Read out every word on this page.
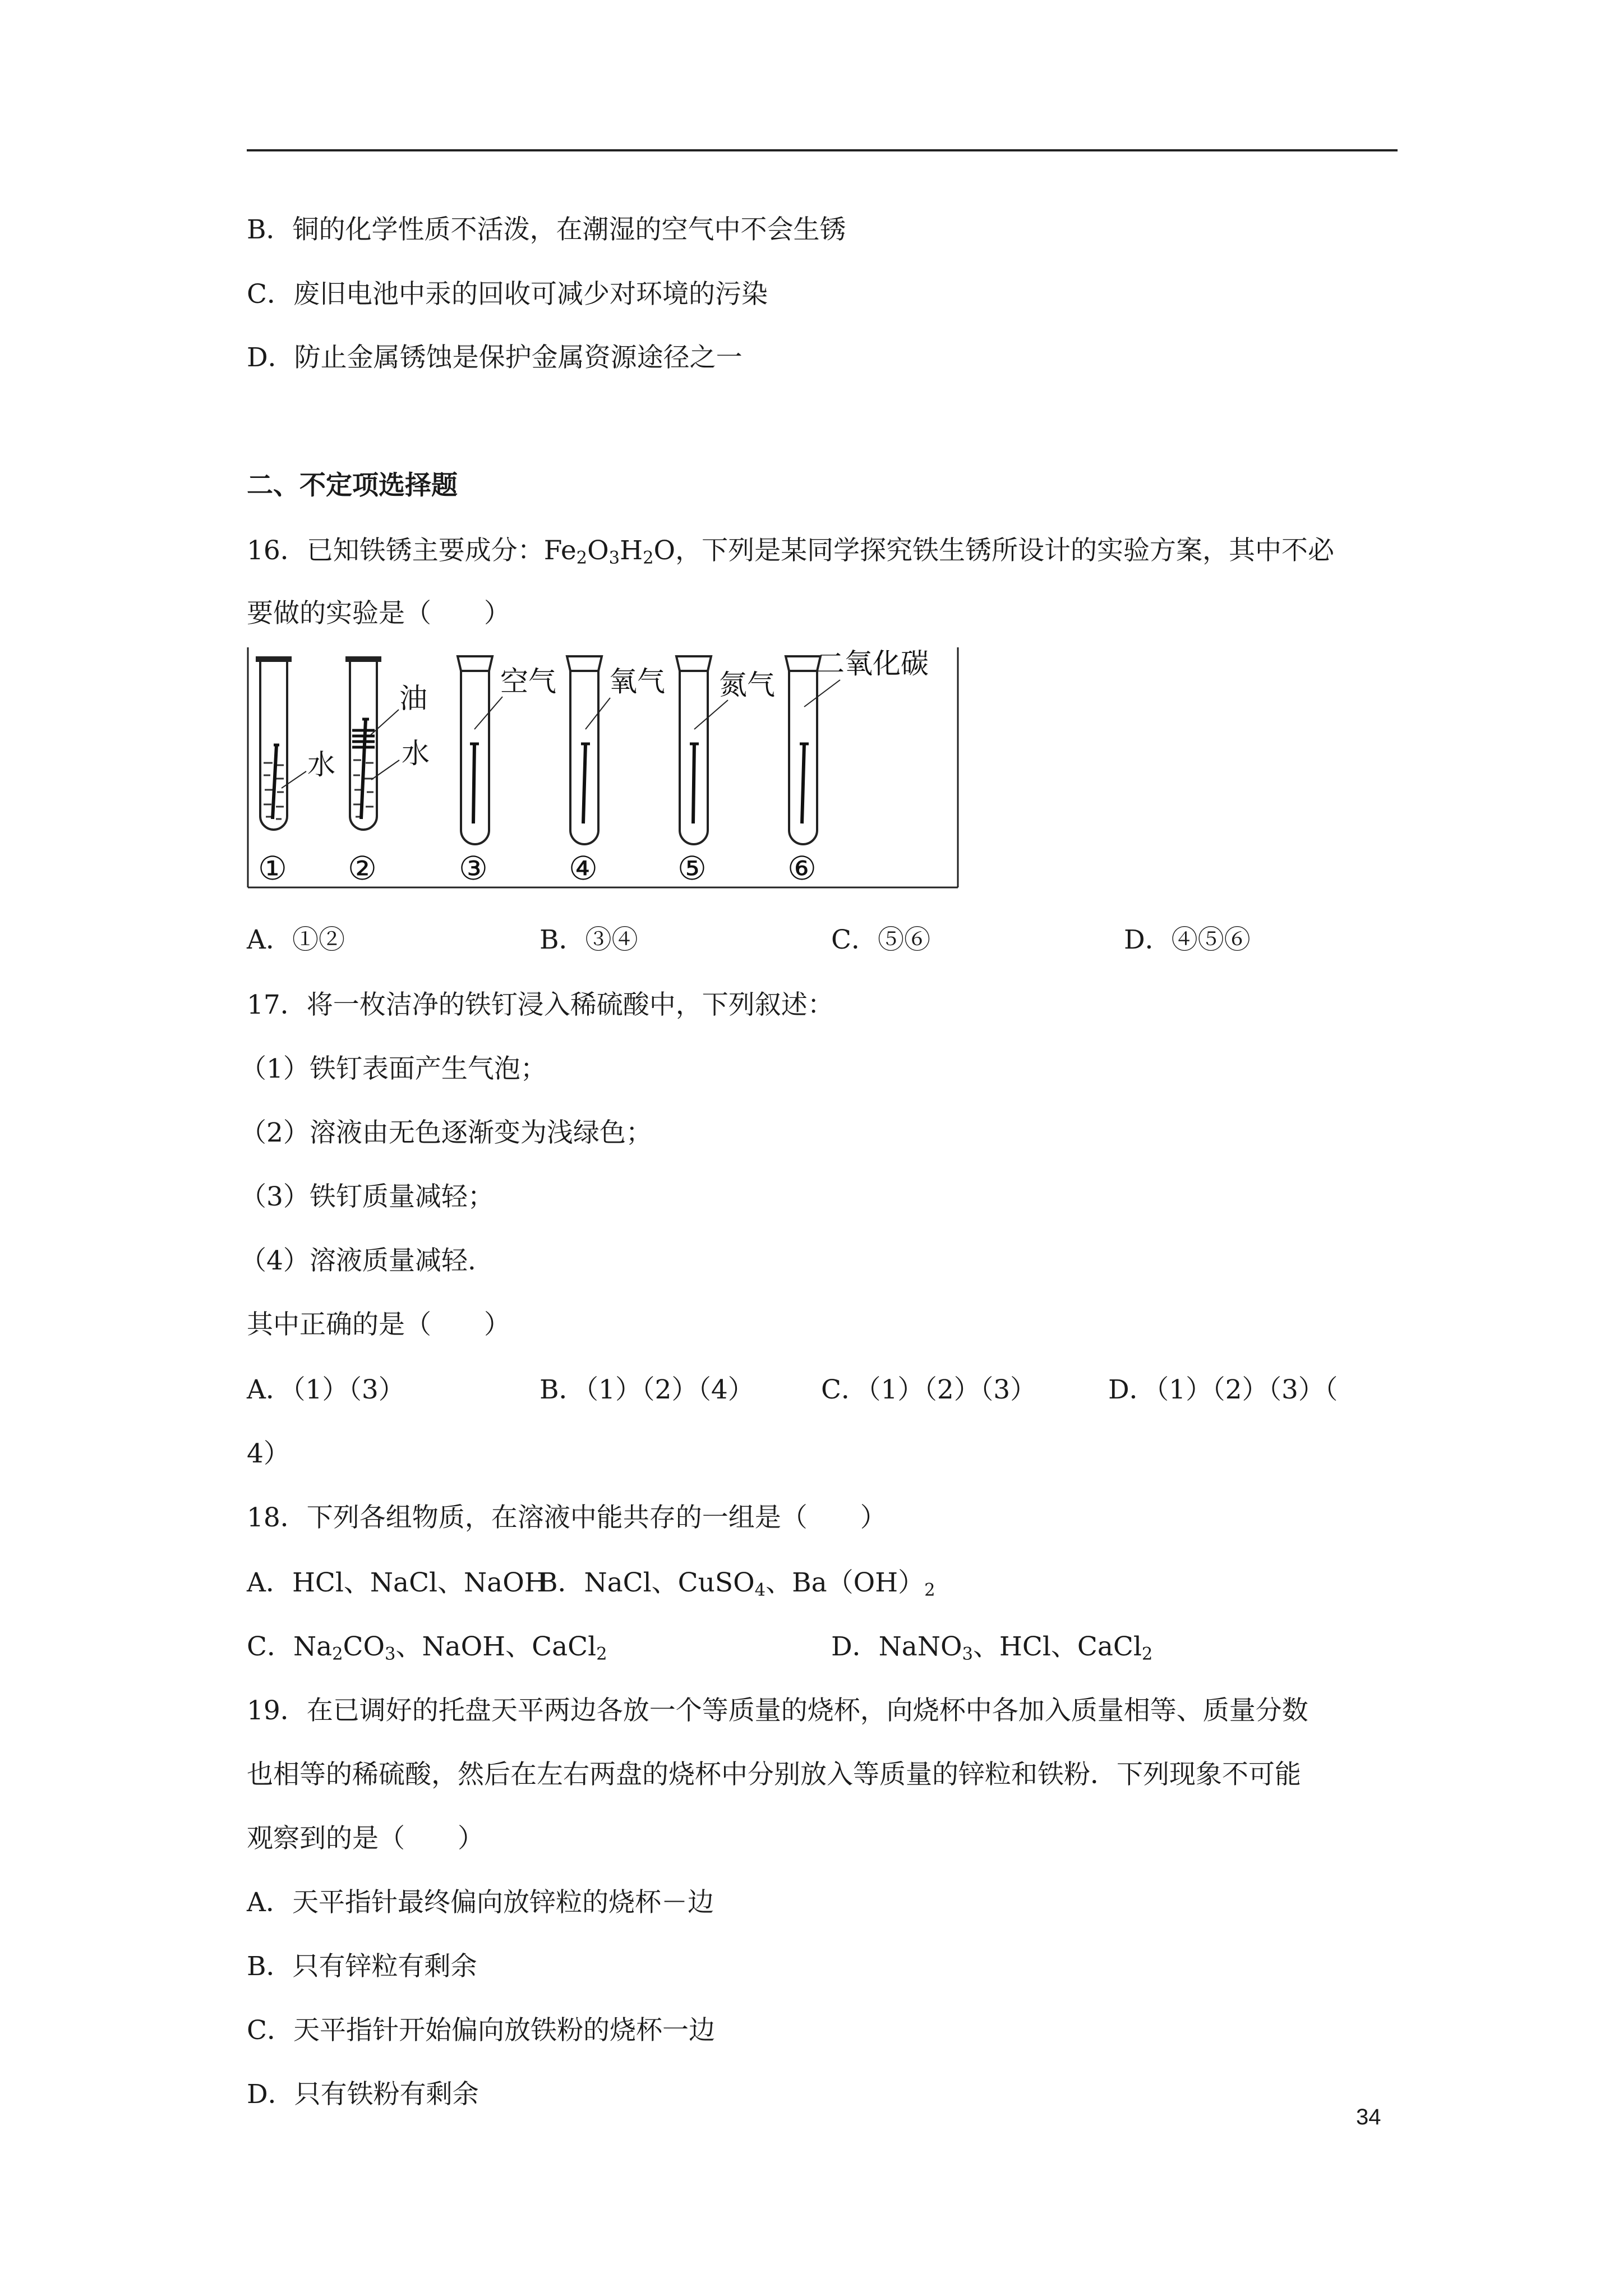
B．铜的化学性质不活泼，在潮湿的空气中不会生锈
C．废旧电池中汞的回收可减少对环境的污染
D．防止金属锈蚀是保护金属资源途径之一
二、不定项选择题
16．已知铁锈主要成分：$Fe_2O_3H_2O$，下列是某同学探究铁生锈所设计的实验方案，其中不必
要做的实验是（　　）
水
油
水
空气 氧气 氮气
二氧化碳
① ②	③ ④ ⑤ ⑥
A．①②	B．③④	C．⑤⑥	D．④⑤⑥
17．将一枚洁净的铁钉浸入稀硫酸中，下列叙述：
（1）铁钉表面产生气泡；
（2）溶液由无色逐渐变为浅绿色；
（3）铁钉质量减轻；
（4）溶液质量减轻.
其中正确的是（　　）
A．（1）（3）	B．（1）（2）（4）	C．（1）（2）（3）	D．（1）（2）（3）（
4）
18．下列各组物质，在溶液中能共存的一组是（　　）
A．HCl、NaCl、NaOH
B．NaCl、CuSO$_4$、$Ba(OH)_2$
C．$Na_2CO_3$、NaOH、CaCl$_2$	D．NaNO$_3$、HCl、CaCl$_2$
19．在已调好的托盘天平两边各放一个等质量的烧杯，向烧杯中各加入质量相等、质量分数
也相等的稀硫酸，然后在左右两盘的烧杯中分别放入等质量的锌粒和铁粉．下列现象不可能
观察到的是（　　）
A．天平指针最终偏向放锌粒的烧杯－边
B．只有锌粒有剩余
C．天平指针开始偏向放铁粉的烧杯一边
D．只有铁粉有剩余
34
